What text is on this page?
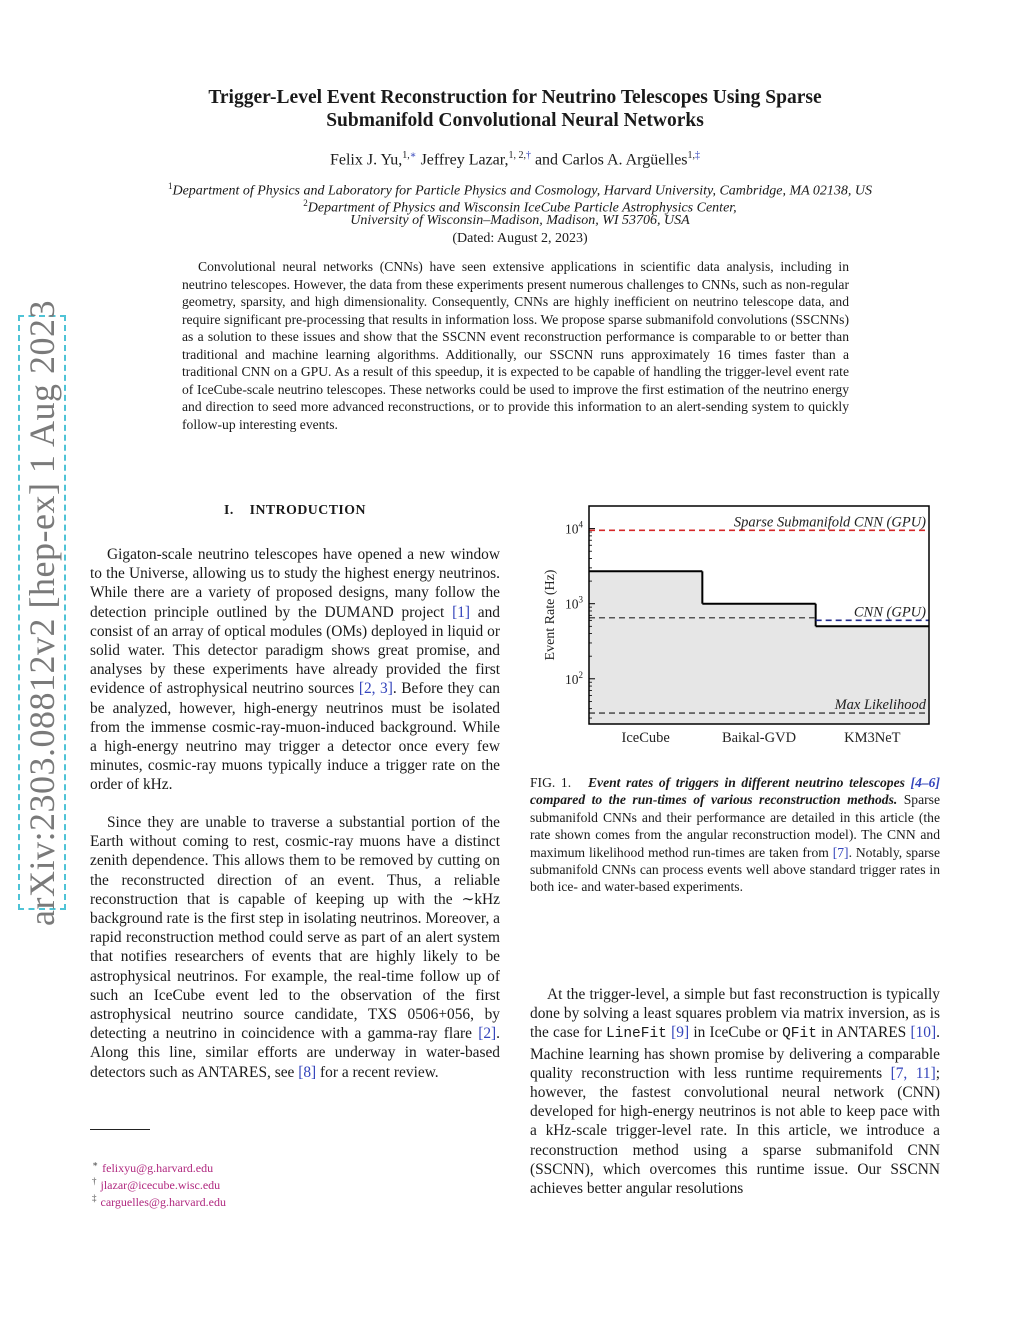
arXiv:2303.08812v2 [hep-ex] 1 Aug 2023
Trigger-Level Event Reconstruction for Neutrino Telescopes Using Sparse
Submanifold Convolutional Neural Networks
Felix J. Yu,$^{1,∗}$ Jeffrey Lazar,$^{1, 2,\dagger}$ and Carlos A. Argüelles$^{1,\ddagger}$
$^1$Department of Physics and Laboratory for Particle Physics and Cosmology, Harvard University, Cambridge, MA 02138, US
$^2$Department of Physics and Wisconsin IceCube Particle Astrophysics Center,
University of Wisconsin–Madison, Madison, WI 53706, USA
(Dated: August 2, 2023)

Convolutional neural networks (CNNs) have seen extensive applications in scientific data analysis, including in neutrino telescopes. However, the data from these experiments present numerous challenges to CNNs, such as non-regular geometry, sparsity, and high dimensionality. Consequently, CNNs are highly inefficient on neutrino telescope data, and require significant pre-processing that results in information loss. We propose sparse submanifold convolutions (SSCNNs) as a solution to these issues and show that the SSCNN event reconstruction performance is comparable to or better than traditional and machine learning algorithms. Additionally, our SSCNN runs approximately 16 times faster than a traditional CNN on a GPU. As a result of this speedup, it is expected to be capable of handling the trigger-level event rate of IceCube-scale neutrino telescopes. These networks could be used to improve the first estimation of the neutrino energy and direction to seed more advanced reconstructions, or to provide this information to an alert-sending system to quickly follow-up interesting events.

I.    INTRODUCTION

Gigaton-scale neutrino telescopes have opened a new window to the Universe, allowing us to study the highest energy neutrinos. While there are a variety of proposed designs, many follow the detection principle outlined by the DUMAND project [1] and consist of an array of optical modules (OMs) deployed in liquid or solid water. This detector paradigm shows great promise, and analyses by these experiments have already provided the first evidence of astrophysical neutrino sources [2, 3]. Before they can be analyzed, however, high-energy neutrinos must be isolated from the immense cosmic-ray-muon-induced background. While a high-energy neutrino may trigger a detector once every few minutes, cosmic-ray muons typically induce a trigger rate on the order of kHz.

Since they are unable to traverse a substantial portion of the Earth without coming to rest, cosmic-ray muons have a distinct zenith dependence. This allows them to be removed by cutting on the reconstructed direction of an event. Thus, a reliable reconstruction that is capable of keeping up with the ∼kHz background rate is the first step in isolating neutrinos. Moreover, a rapid reconstruction method could serve as part of an alert system that notifies researchers of events that are highly likely to be astrophysical neutrinos. For example, the real-time follow up of such an IceCube event led to the observation of the first astrophysical neutrino source candidate, TXS 0506+056, by detecting a neutrino in coincidence with a gamma-ray flare [2]. Along this line, similar efforts are underway in water-based detectors such as ANTARES, see [8] for a recent review.

∗ felixyu@g.harvard.edu
† jlazar@icecube.wisc.edu
‡ carguelles@g.harvard.edu
Sparse Submanifold CNN (GPU)
CNN (GPU)
Max Likelihood
$10^2$
$10^3$
$10^4$
IceCube	Baikal-GVD	KM3NeT
Event Rate (Hz)

FIG. 1. Event rates of triggers in different neutrino telescopes [4–6] compared to the run-times of various reconstruction methods. Sparse submanifold CNNs and their performance are detailed in this article (the rate shown comes from the angular reconstruction model). The CNN and maximum likelihood method run-times are taken from [7]. Notably, sparse submanifold CNNs can process events well above standard trigger rates in both ice- and water-based experiments.

At the trigger-level, a simple but fast reconstruction is typically done by solving a least squares problem via matrix inversion, as is the case for LineFit [9] in IceCube or QFit in ANTARES [10]. Machine learning has shown promise by delivering a comparable quality reconstruction with less runtime requirements [7, 11]; however, the fastest convolutional neural network (CNN) developed for high-energy neutrinos is not able to keep pace with a kHz-scale trigger-level rate. In this article, we introduce a reconstruction method using a sparse submanifold CNN (SSCNN), which overcomes this runtime issue. Our SSCNN achieves better angular resolutions
